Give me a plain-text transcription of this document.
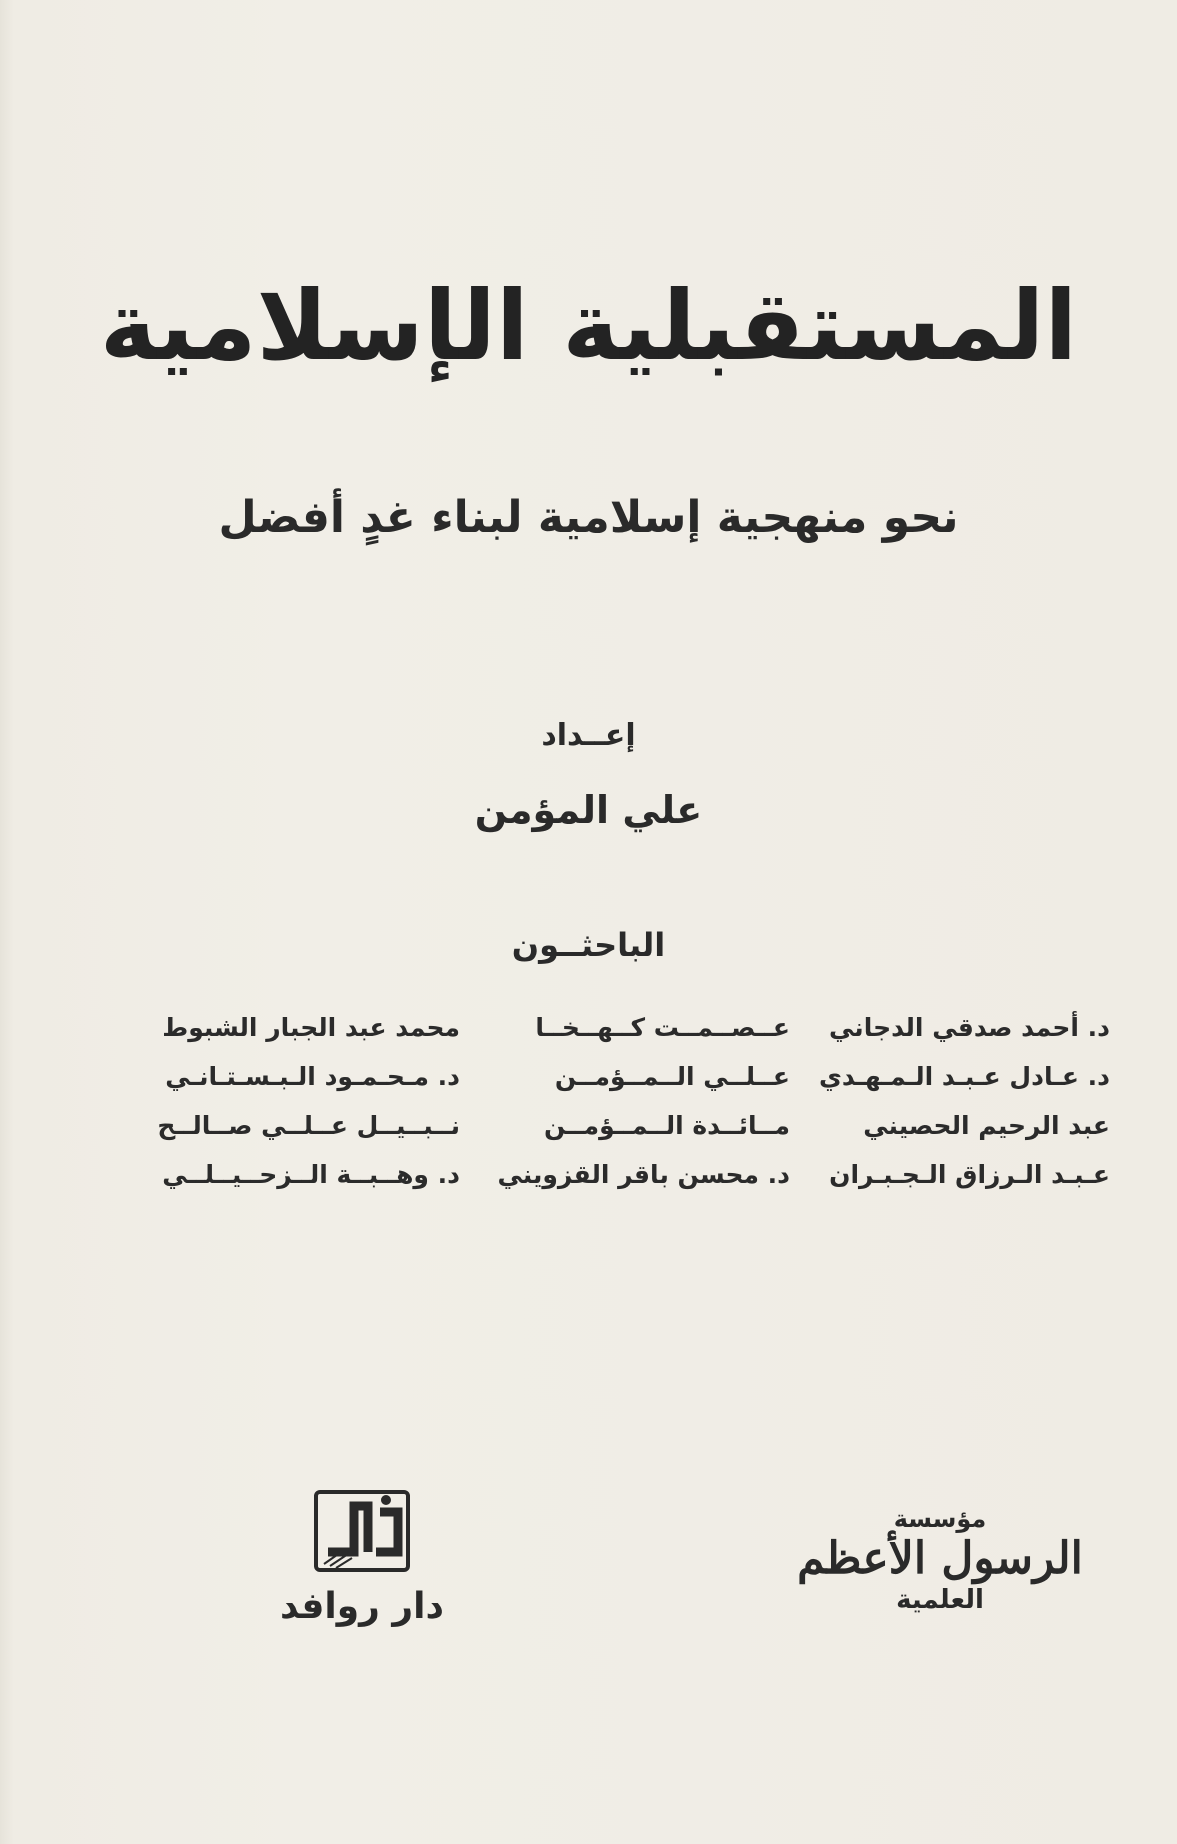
المستقبلية الإسلامية
نحو منهجية إسلامية لبناء غدٍ أفضل
إعــداد
علي المؤمن
الباحثــون
د. أحمد صدقي الدجاني
عــصــمــت كــهــخــا
محمد عبد الجبار الشبوط
د. عـادل عـبـد الـمـهـدي
عــلــي الــمــؤمــن
د. مـحـمـود الـبـسـتـانـي
عبد الرحيم الحصيني
مــائــدة الــمــؤمــن
نــبــيــل عــلــي صــالــح
عـبـد الـرزاق الـجـبـران
د. محسن باقر القزويني
د. وهــبــة الــزحــيــلــي
دار روافد
مؤسسة
الرسول الأعظم
العلمية
